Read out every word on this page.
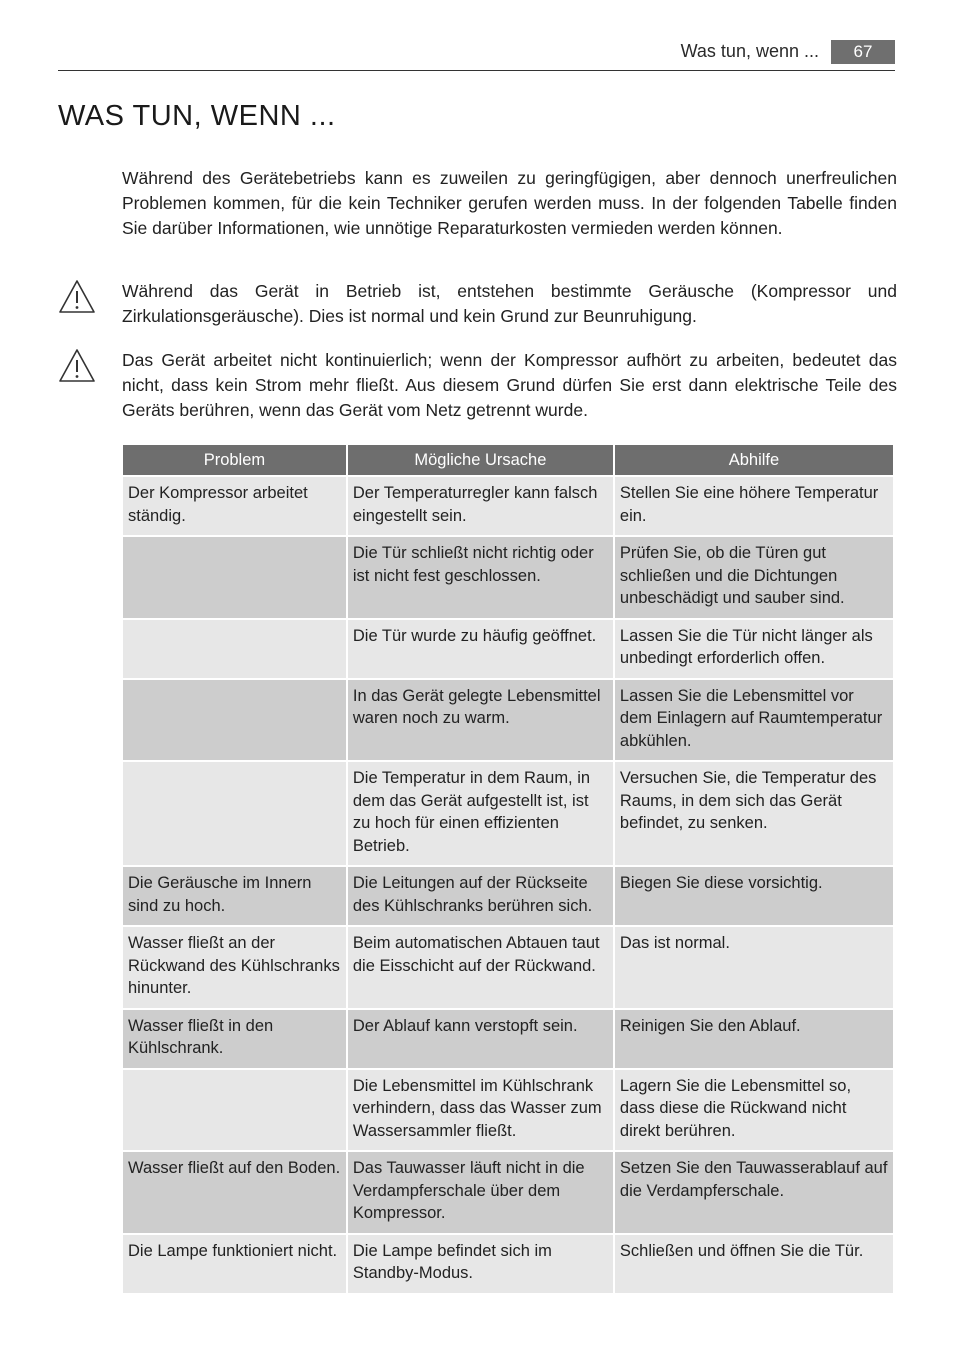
Was tun, wenn ...	67
WAS TUN, WENN ...

Während des Gerätebetriebs kann es zuweilen zu geringfügigen, aber dennoch unerfreulichen Problemen kommen, für die kein Techniker gerufen werden muss. In der folgenden Tabelle finden Sie darüber Informationen, wie unnötige Reparaturkosten vermieden werden können.

Während das Gerät in Betrieb ist, entstehen bestimmte Geräusche (Kompressor und Zirkulationsgeräusche). Dies ist normal und kein Grund zur Beunruhigung.

Das Gerät arbeitet nicht kontinuierlich; wenn der Kompressor aufhört zu arbeiten, bedeutet das nicht, dass kein Strom mehr fließt. Aus diesem Grund dürfen Sie erst dann elektrische Teile des Geräts berühren, wenn das Gerät vom Netz getrennt wurde.

Problem	Mögliche Ursache	Abhilfe
Der Kompressor arbeitet ständig.	Der Temperaturregler kann falsch eingestellt sein.	Stellen Sie eine höhere Temperatur ein.
	Die Tür schließt nicht richtig oder ist nicht fest geschlossen.	Prüfen Sie, ob die Türen gut schließen und die Dichtungen unbeschädigt und sauber sind.
	Die Tür wurde zu häufig geöffnet.	Lassen Sie die Tür nicht länger als unbedingt erforderlich offen.
	In das Gerät gelegte Lebensmittel waren noch zu warm.	Lassen Sie die Lebensmittel vor dem Einlagern auf Raumtemperatur abkühlen.
	Die Temperatur in dem Raum, in dem das Gerät aufgestellt ist, ist zu hoch für einen effizienten Betrieb.	Versuchen Sie, die Temperatur des Raums, in dem sich das Gerät befindet, zu senken.
Die Geräusche im Innern sind zu hoch.	Die Leitungen auf der Rückseite des Kühlschranks berühren sich.	Biegen Sie diese vorsichtig.
Wasser fließt an der Rückwand des Kühlschranks hinunter.	Beim automatischen Abtauen taut die Eisschicht auf der Rückwand.	Das ist normal.
Wasser fließt in den Kühlschrank.	Der Ablauf kann verstopft sein.	Reinigen Sie den Ablauf.
	Die Lebensmittel im Kühlschrank verhindern, dass das Wasser zum Wassersammler fließt.	Lagern Sie die Lebensmittel so, dass diese die Rückwand nicht direkt berühren.
Wasser fließt auf den Boden.	Das Tauwasser läuft nicht in die Verdampferschale über dem Kompressor.	Setzen Sie den Tauwasserablauf auf die Verdampferschale.
Die Lampe funktioniert nicht.	Die Lampe befindet sich im Standby-Modus.	Schließen und öffnen Sie die Tür.
